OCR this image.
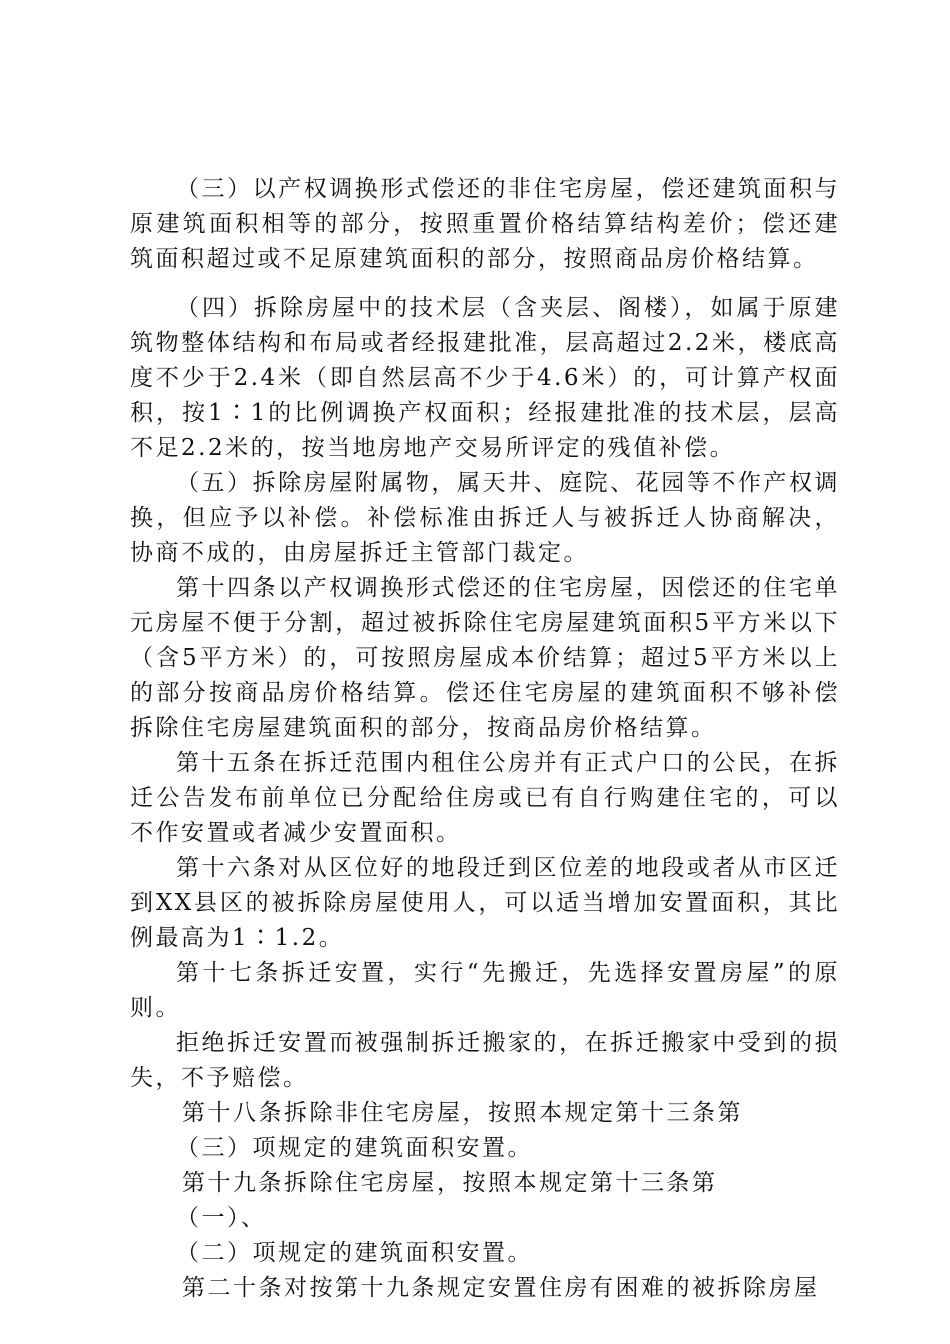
（三）以产权调换形式偿还的非住宅房屋，偿还建筑面积与原建筑面积相等的部分，按照重置价格结算结构差价；偿还建筑面积超过或不足原建筑面积的部分，按照商品房价格结算。

（四）拆除房屋中的技术层（含夹层、阁楼），如属于原建筑物整体结构和布局或者经报建批准，层高超过2.2米，楼底高度不少于2.4米（即自然层高不少于4.6米）的，可计算产权面积，按1∶1的比例调换产权面积；经报建批准的技术层，层高不足2.2米的，按当地房地产交易所评定的残值补偿。

（五）拆除房屋附属物，属天井、庭院、花园等不作产权调换，但应予以补偿。补偿标准由拆迁人与被拆迁人协商解决，协商不成的，由房屋拆迁主管部门裁定。

第十四条以产权调换形式偿还的住宅房屋，因偿还的住宅单元房屋不便于分割，超过被拆除住宅房屋建筑面积5平方米以下（含5平方米）的，可按照房屋成本价结算；超过5平方米以上的部分按商品房价格结算。偿还住宅房屋的建筑面积不够补偿拆除住宅房屋建筑面积的部分，按商品房价格结算。

第十五条在拆迁范围内租住公房并有正式户口的公民，在拆迁公告发布前单位已分配给住房或已有自行购建住宅的，可以不作安置或者减少安置面积。

第十六条对从区位好的地段迁到区位差的地段或者从市区迁到XX县区的被拆除房屋使用人，可以适当增加安置面积，其比例最高为1∶1.2。

第十七条拆迁安置，实行“先搬迁，先选择安置房屋”的原则。

拒绝拆迁安置而被强制拆迁搬家的，在拆迁搬家中受到的损失，不予赔偿。

第十八条拆除非住宅房屋，按照本规定第十三条第

（三）项规定的建筑面积安置。

第十九条拆除住宅房屋，按照本规定第十三条第

（一）、

（二）项规定的建筑面积安置。

第二十条对按第十九条规定安置住房有困难的被拆除房屋
